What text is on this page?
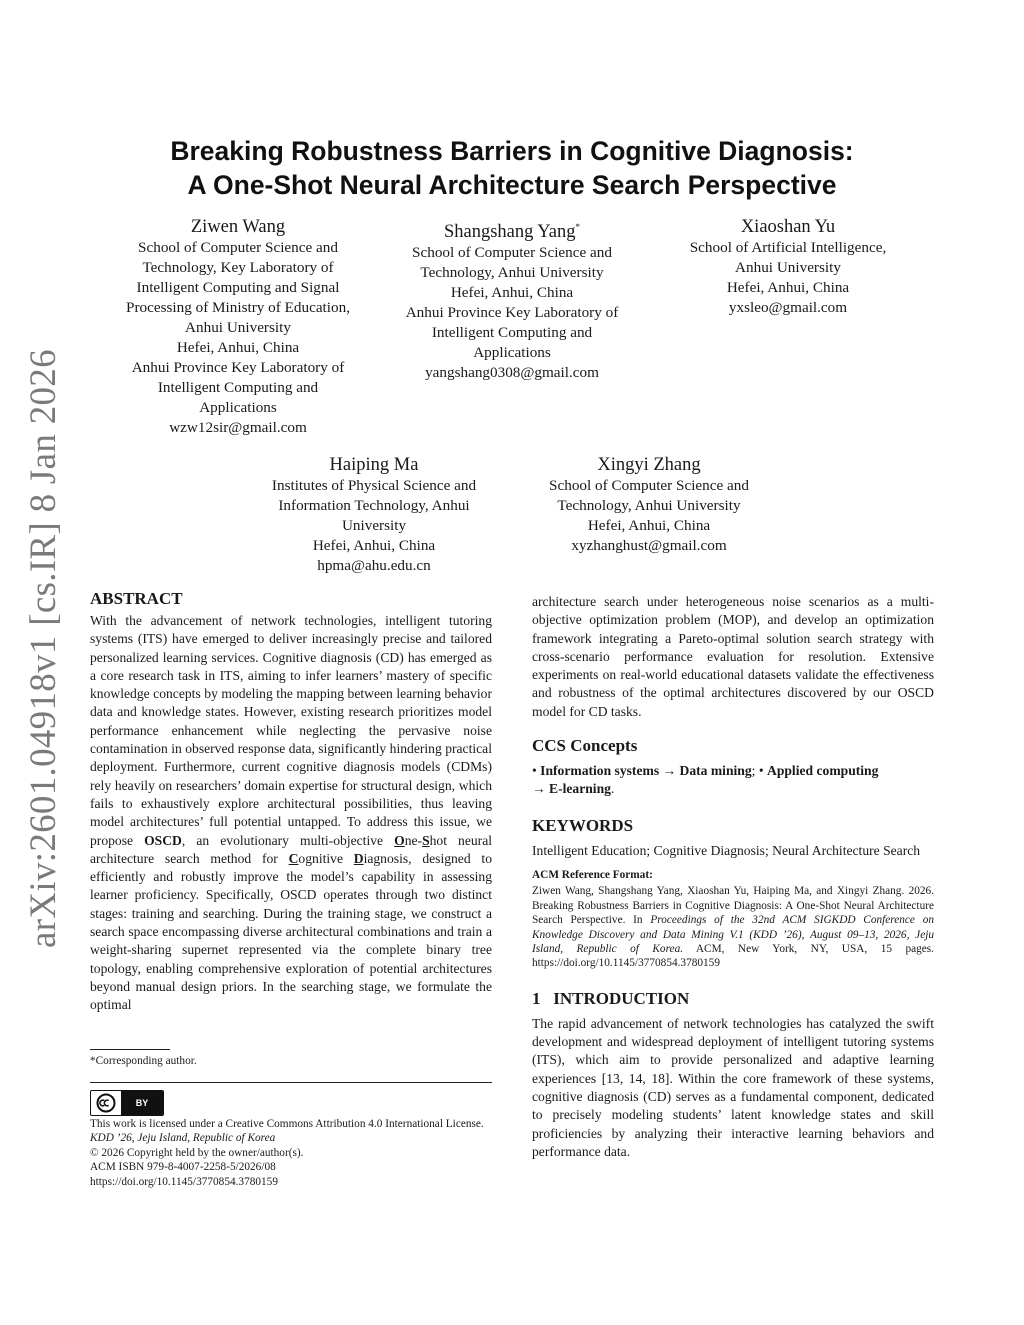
arXiv:2601.04918v1 [cs.IR] 8 Jan 2026
Breaking Robustness Barriers in Cognitive Diagnosis:
A One-Shot Neural Architecture Search Perspective
Ziwen Wang
School of Computer Science and
Technology, Key Laboratory of
Intelligent Computing and Signal
Processing of Ministry of Education,
Anhui University
Hefei, Anhui, China
Anhui Province Key Laboratory of
Intelligent Computing and
Applications
wzw12sir@gmail.com
Shangshang Yang*
School of Computer Science and
Technology, Anhui University
Hefei, Anhui, China
Anhui Province Key Laboratory of
Intelligent Computing and
Applications
yangshang0308@gmail.com
Xiaoshan Yu
School of Artificial Intelligence,
Anhui University
Hefei, Anhui, China
yxsleo@gmail.com
Haiping Ma
Institutes of Physical Science and
Information Technology, Anhui
University
Hefei, Anhui, China
hpma@ahu.edu.cn
Xingyi Zhang
School of Computer Science and
Technology, Anhui University
Hefei, Anhui, China
xyzhanghust@gmail.com
ABSTRACT
With the advancement of network technologies, intelligent tutoring systems (ITS) have emerged to deliver increasingly precise and tailored personalized learning services. Cognitive diagnosis (CD) has emerged as a core research task in ITS, aiming to infer learners’ mastery of specific knowledge concepts by modeling the mapping between learning behavior data and knowledge states. However, existing research prioritizes model performance enhancement while neglecting the pervasive noise contamination in observed response data, significantly hindering practical deployment. Furthermore, current cognitive diagnosis models (CDMs) rely heavily on researchers’ domain expertise for structural design, which fails to exhaustively explore architectural possibilities, thus leaving model architectures’ full potential untapped. To address this issue, we propose OSCD, an evolutionary multi-objective One-Shot neural architecture search method for Cognitive Diagnosis, designed to efficiently and robustly improve the model’s capability in assessing learner proficiency. Specifically, OSCD operates through two distinct stages: training and searching. During the training stage, we construct a search space encompassing diverse architectural combinations and train a weight-sharing supernet represented via the complete binary tree topology, enabling comprehensive exploration of potential architectures beyond manual design priors. In the searching stage, we formulate the optimal
*Corresponding author.
BY
This work is licensed under a Creative Commons Attribution 4.0 International License.
KDD ’26, Jeju Island, Republic of Korea
© 2026 Copyright held by the owner/author(s).
ACM ISBN 979-8-4007-2258-5/2026/08
https://doi.org/10.1145/3770854.3780159
architecture search under heterogeneous noise scenarios as a multi-objective optimization problem (MOP), and develop an optimization framework integrating a Pareto-optimal solution search strategy with cross-scenario performance evaluation for resolution. Extensive experiments on real-world educational datasets validate the effectiveness and robustness of the optimal architectures discovered by our OSCD model for CD tasks.
CCS Concepts
• Information systems → Data mining; • Applied computing
→ E-learning.
KEYWORDS
Intelligent Education; Cognitive Diagnosis; Neural Architecture Search
ACM Reference Format:
Ziwen Wang, Shangshang Yang, Xiaoshan Yu, Haiping Ma, and Xingyi Zhang. 2026. Breaking Robustness Barriers in Cognitive Diagnosis: A One-Shot Neural Architecture Search Perspective. In Proceedings of the 32nd ACM SIGKDD Conference on Knowledge Discovery and Data Mining V.1 (KDD ’26), August 09–13, 2026, Jeju Island, Republic of Korea. ACM, New York, NY, USA, 15 pages. https://doi.org/10.1145/3770854.3780159
1 INTRODUCTION
The rapid advancement of network technologies has catalyzed the swift development and widespread deployment of intelligent tutoring systems (ITS), which aim to provide personalized and adaptive learning experiences [13, 14, 18]. Within the core framework of these systems, cognitive diagnosis (CD) serves as a fundamental component, dedicated to precisely modeling students’ latent knowledge states and skill proficiencies by analyzing their interactive learning behaviors and performance data.
